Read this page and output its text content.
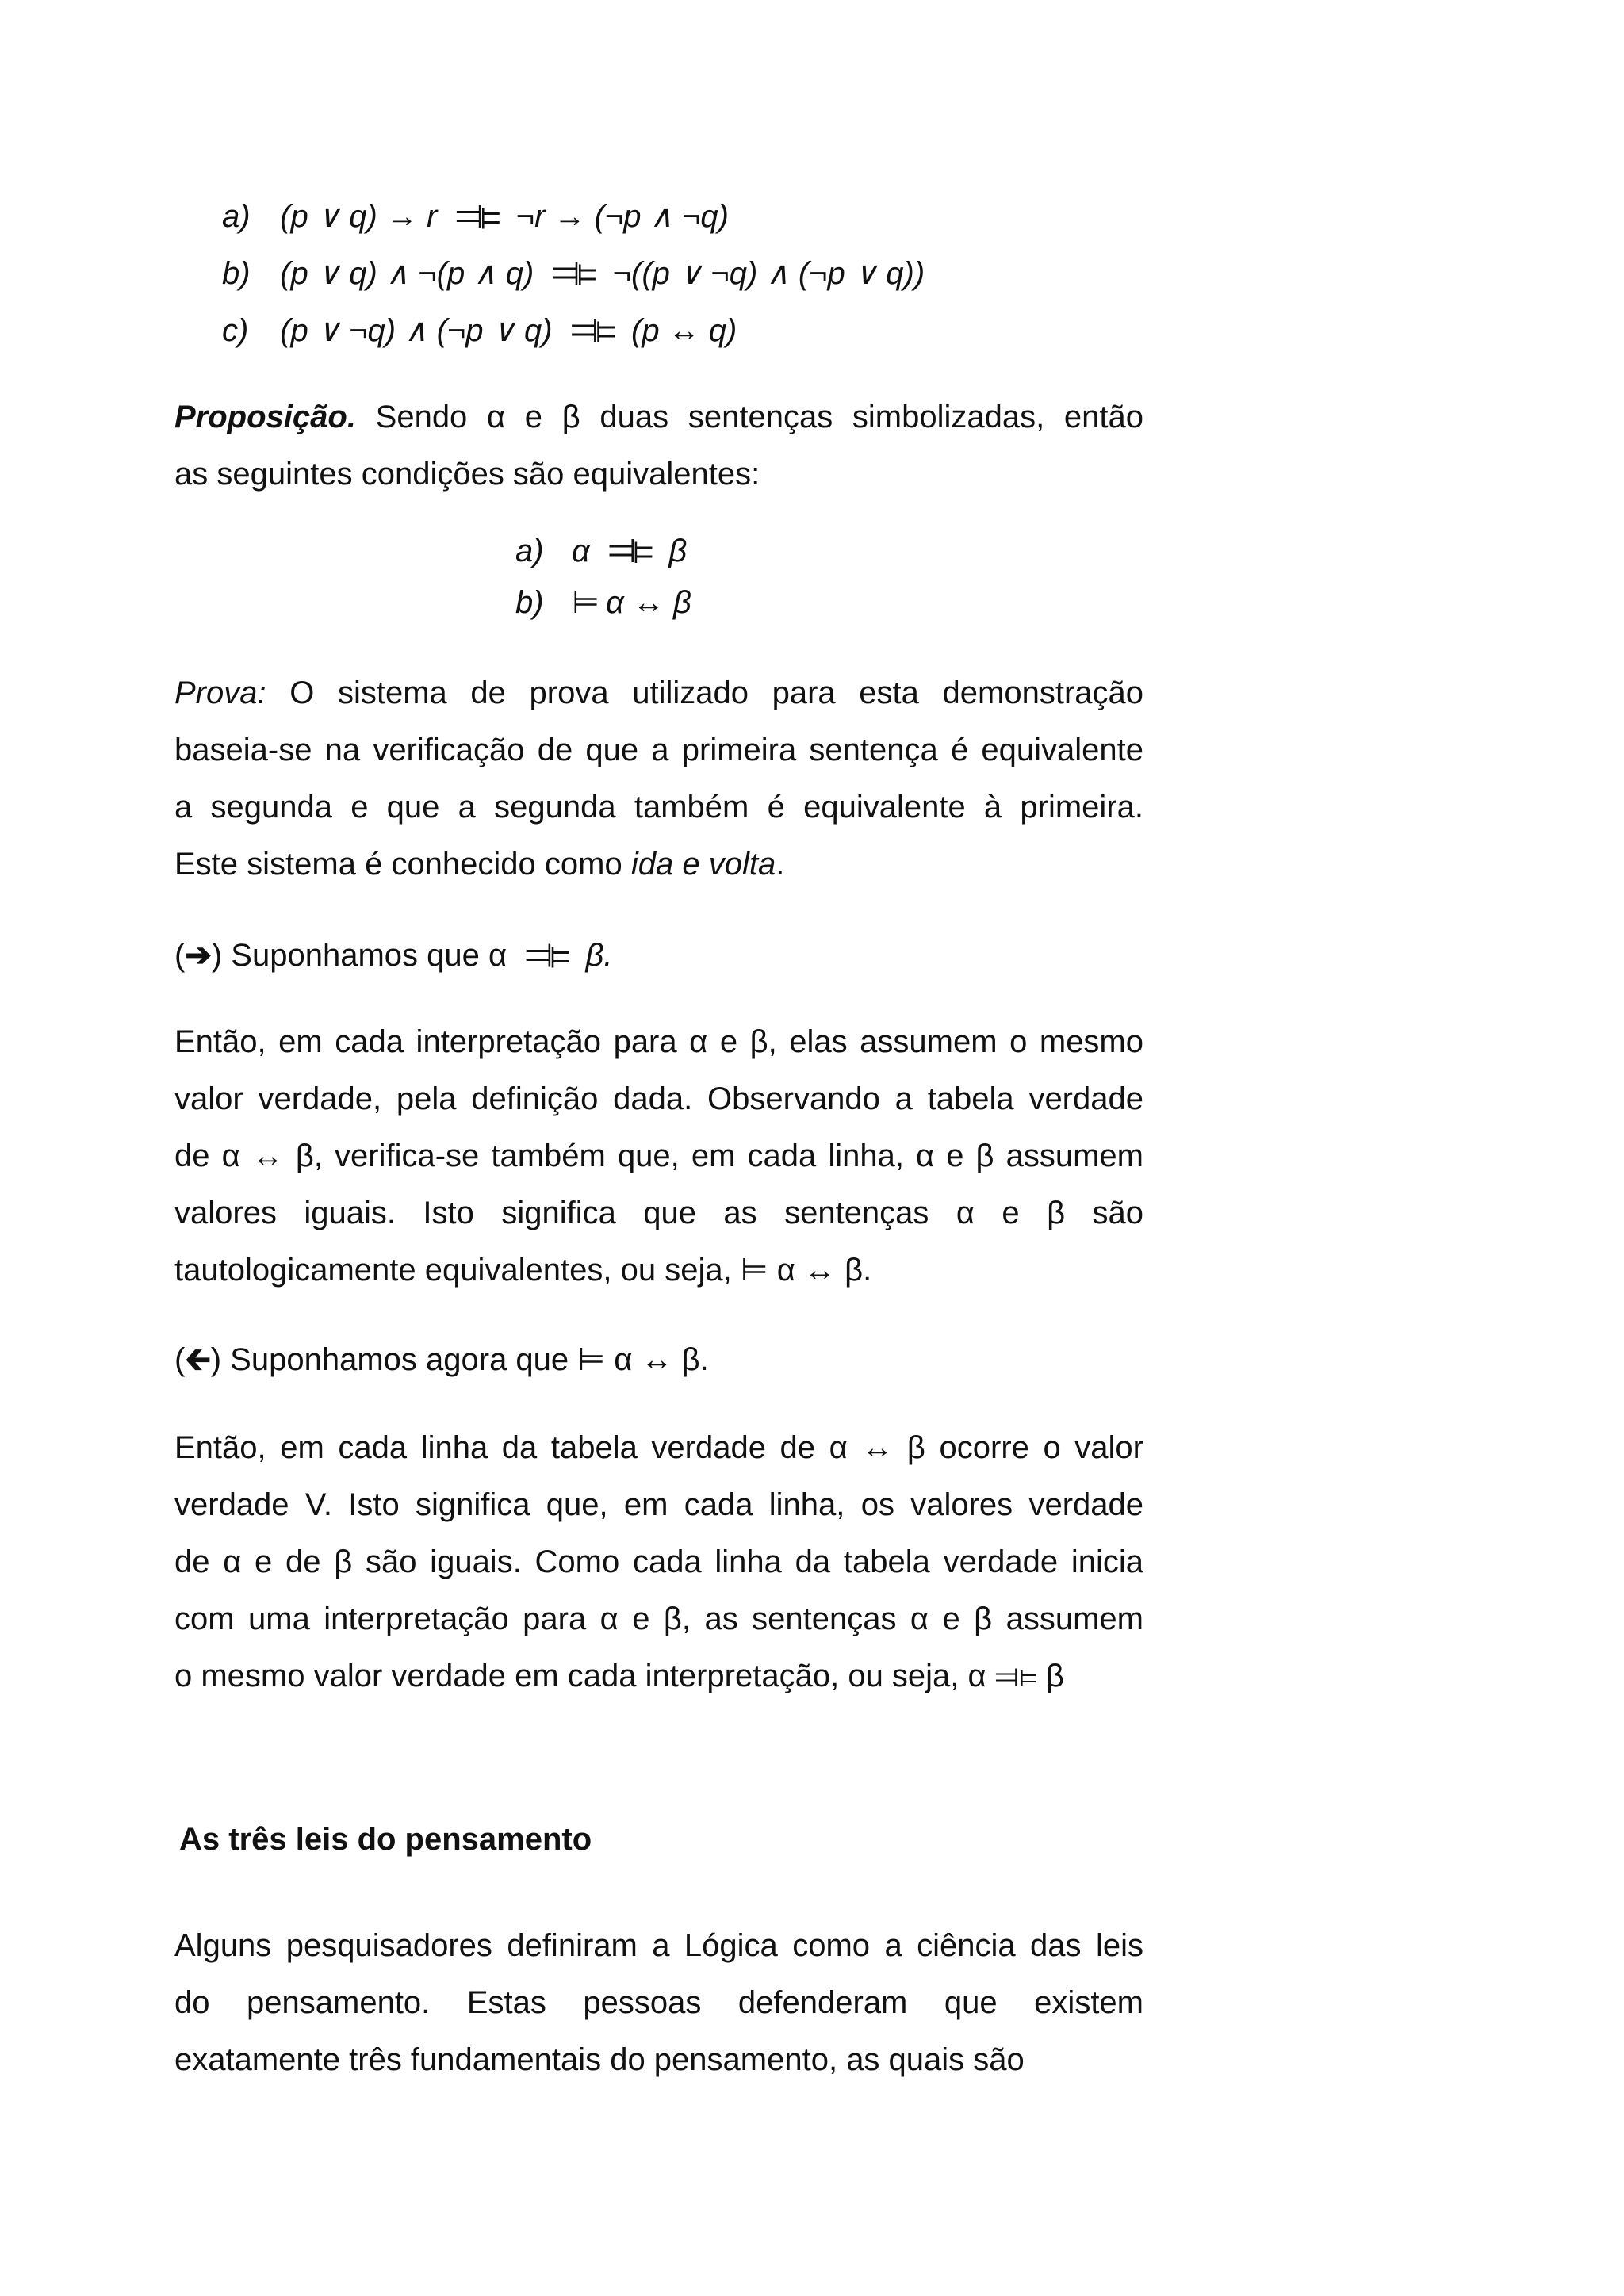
a) (p ∨ q) → r ⫤⊨ ¬r → (¬p ∧ ¬q)
b) (p ∨ q) ∧ ¬(p ∧ q) ⫤⊨ ¬((p ∨ ¬q) ∧ (¬p ∨ q))
c) (p ∨ ¬q) ∧ (¬p ∨ q) ⫤⊨ (p ↔ q)
Proposição. Sendo α e β duas sentenças simbolizadas, então
as seguintes condições são equivalentes:
a) α ⫤⊨ β
b) ⊨ α ↔ β
Prova: O sistema de prova utilizado para esta demonstração
baseia-se na verificação de que a primeira sentença é equivalente
a segunda e que a segunda também é equivalente à primeira.
Este sistema é conhecido como ida e volta.
(➔) Suponhamos que α ⫤⊨ β.
Então, em cada interpretação para α e β, elas assumem o mesmo
valor verdade, pela definição dada. Observando a tabela verdade
de α ↔ β, verifica-se também que, em cada linha, α e β assumem
valores iguais. Isto significa que as sentenças α e β são
tautologicamente equivalentes, ou seja, ⊨ α ↔ β.
(🡰) Suponhamos agora que ⊨ α ↔ β.
Então, em cada linha da tabela verdade de α ↔ β ocorre o valor
verdade V. Isto significa que, em cada linha, os valores verdade
de α e de β são iguais. Como cada linha da tabela verdade inicia
com uma interpretação para α e β, as sentenças α e β assumem
o mesmo valor verdade em cada interpretação, ou seja, α ⫤⊨ β
As três leis do pensamento
Alguns pesquisadores definiram a Lógica como a ciência das leis
do pensamento. Estas pessoas defenderam que existem
exatamente três fundamentais do pensamento, as quais são
